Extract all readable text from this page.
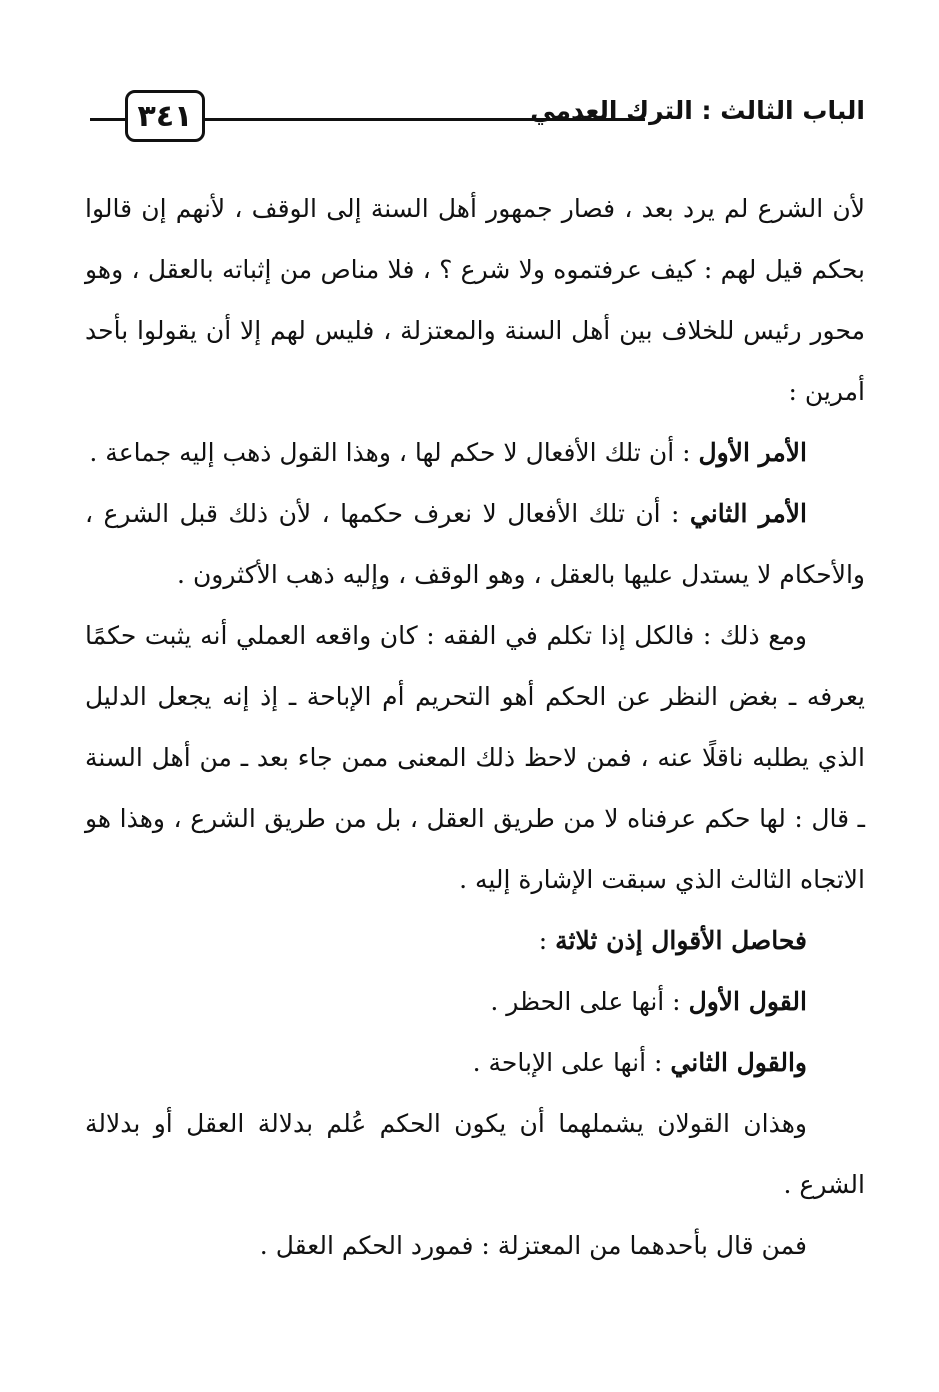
٣٤١	الباب الثالث : الترك العدمي

لأن الشرع لم يرد بعد ، فصار جمهور أهل السنة إلى الوقف ، لأنهم إن قالوا بحكم قيل لهم : كيف عرفتموه ولا شرع ؟ ، فلا مناص من إثباته بالعقل ، وهو محور رئيس للخلاف بين أهل السنة والمعتزلة ، فليس لهم إلا أن يقولوا بأحد أمرين :

الأمر الأول : أن تلك الأفعال لا حكم لها ، وهذا القول ذهب إليه جماعة .

الأمر الثاني : أن تلك الأفعال لا نعرف حكمها ، لأن ذلك قبل الشرع ، والأحكام لا يستدل عليها بالعقل ، وهو الوقف ، وإليه ذهب الأكثرون .

ومع ذلك : فالكل إذا تكلم في الفقه : كان واقعه العملي أنه يثبت حكمًا يعرفه ـ بغض النظر عن الحكم أهو التحريم أم الإباحة ـ إذ إنه يجعل الدليل الذي يطلبه ناقلًا عنه ، فمن لاحظ ذلك المعنى ممن جاء بعد ـ من أهل السنة ـ قال : لها حكم عرفناه لا من طريق العقل ، بل من طريق الشرع ، وهذا هو الاتجاه الثالث الذي سبقت الإشارة إليه .

فحاصل الأقوال إذن ثلاثة :

القول الأول : أنها على الحظر .

والقول الثاني : أنها على الإباحة .

وهذان القولان يشملهما أن يكون الحكم عُلم بدلالة العقل أو بدلالة الشرع .

فمن قال بأحدهما من المعتزلة : فمورد الحكم العقل .
